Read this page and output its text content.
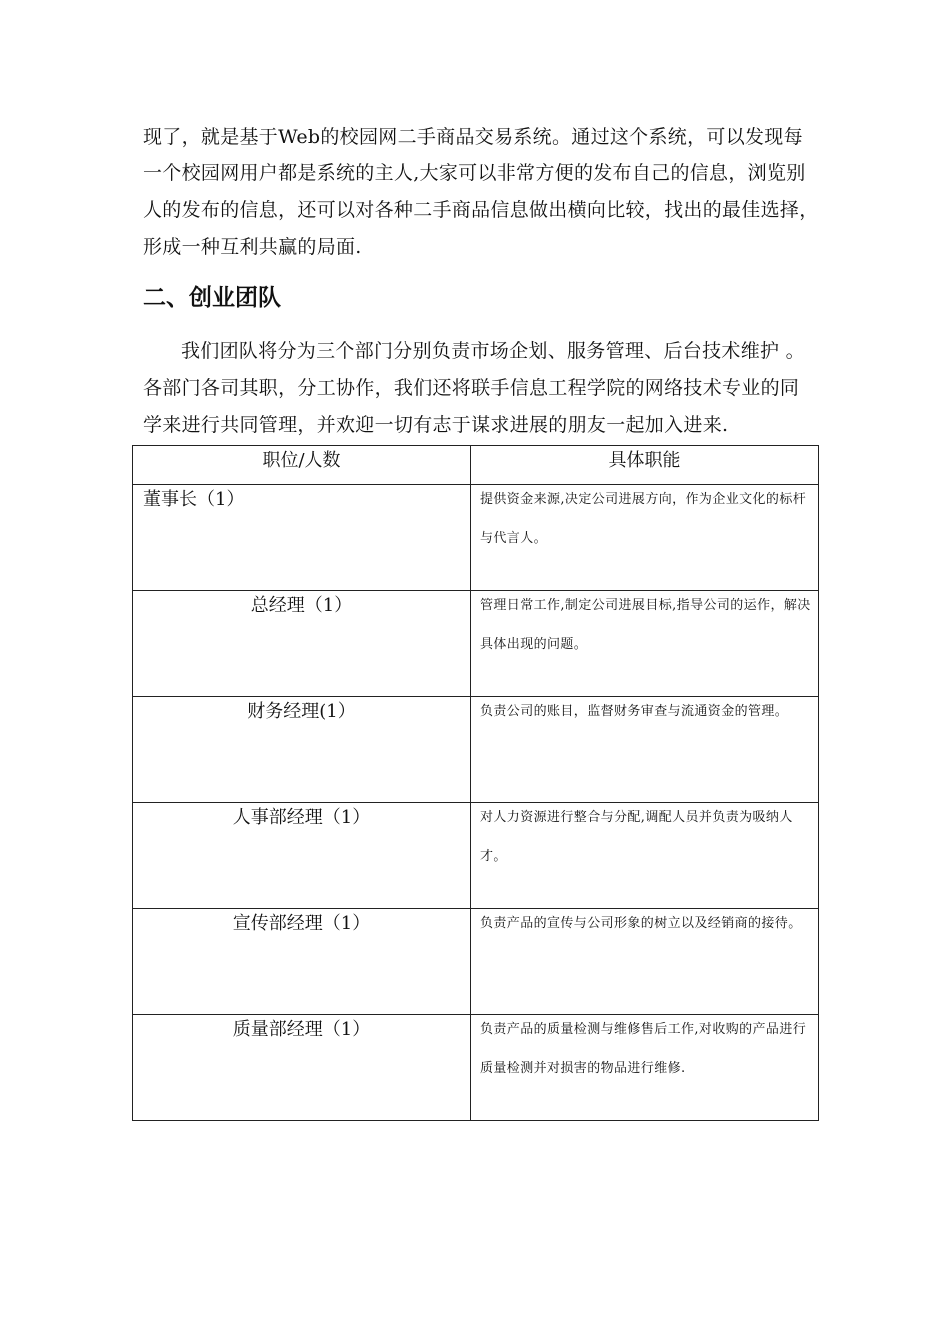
现了，就是基于Web的校园网二手商品交易系统。通过这个系统，可以发现每
一个校园网用户都是系统的主人,大家可以非常方便的发布自己的信息，浏览别
人的发布的信息，还可以对各种二手商品信息做出横向比较，找出的最佳选择，
形成一种互利共赢的局面.
二、创业团队
我们团队将分为三个部门分别负责市场企划、服务管理、后台技术维护 。
各部门各司其职，分工协作，我们还将联手信息工程学院的网络技术专业的同
学来进行共同管理，并欢迎一切有志于谋求进展的朋友一起加入进来.
职位/人数	具体职能

董事长（1）	提供资金来源,决定公司进展方向，作为企业文化的标杆与代言人。

总经理（1）	管理日常工作,制定公司进展目标,指导公司的运作，解决具体出现的问题。

财务经理(1）	负责公司的账目，监督财务审查与流通资金的管理。

人事部经理（1）	对人力资源进行整合与分配,调配人员并负责为吸纳人才。

宣传部经理（1）	负责产品的宣传与公司形象的树立以及经销商的接待。

质量部经理（1）	负责产品的质量检测与维修售后工作,对收购的产品进行质量检测并对损害的物品进行维修.
